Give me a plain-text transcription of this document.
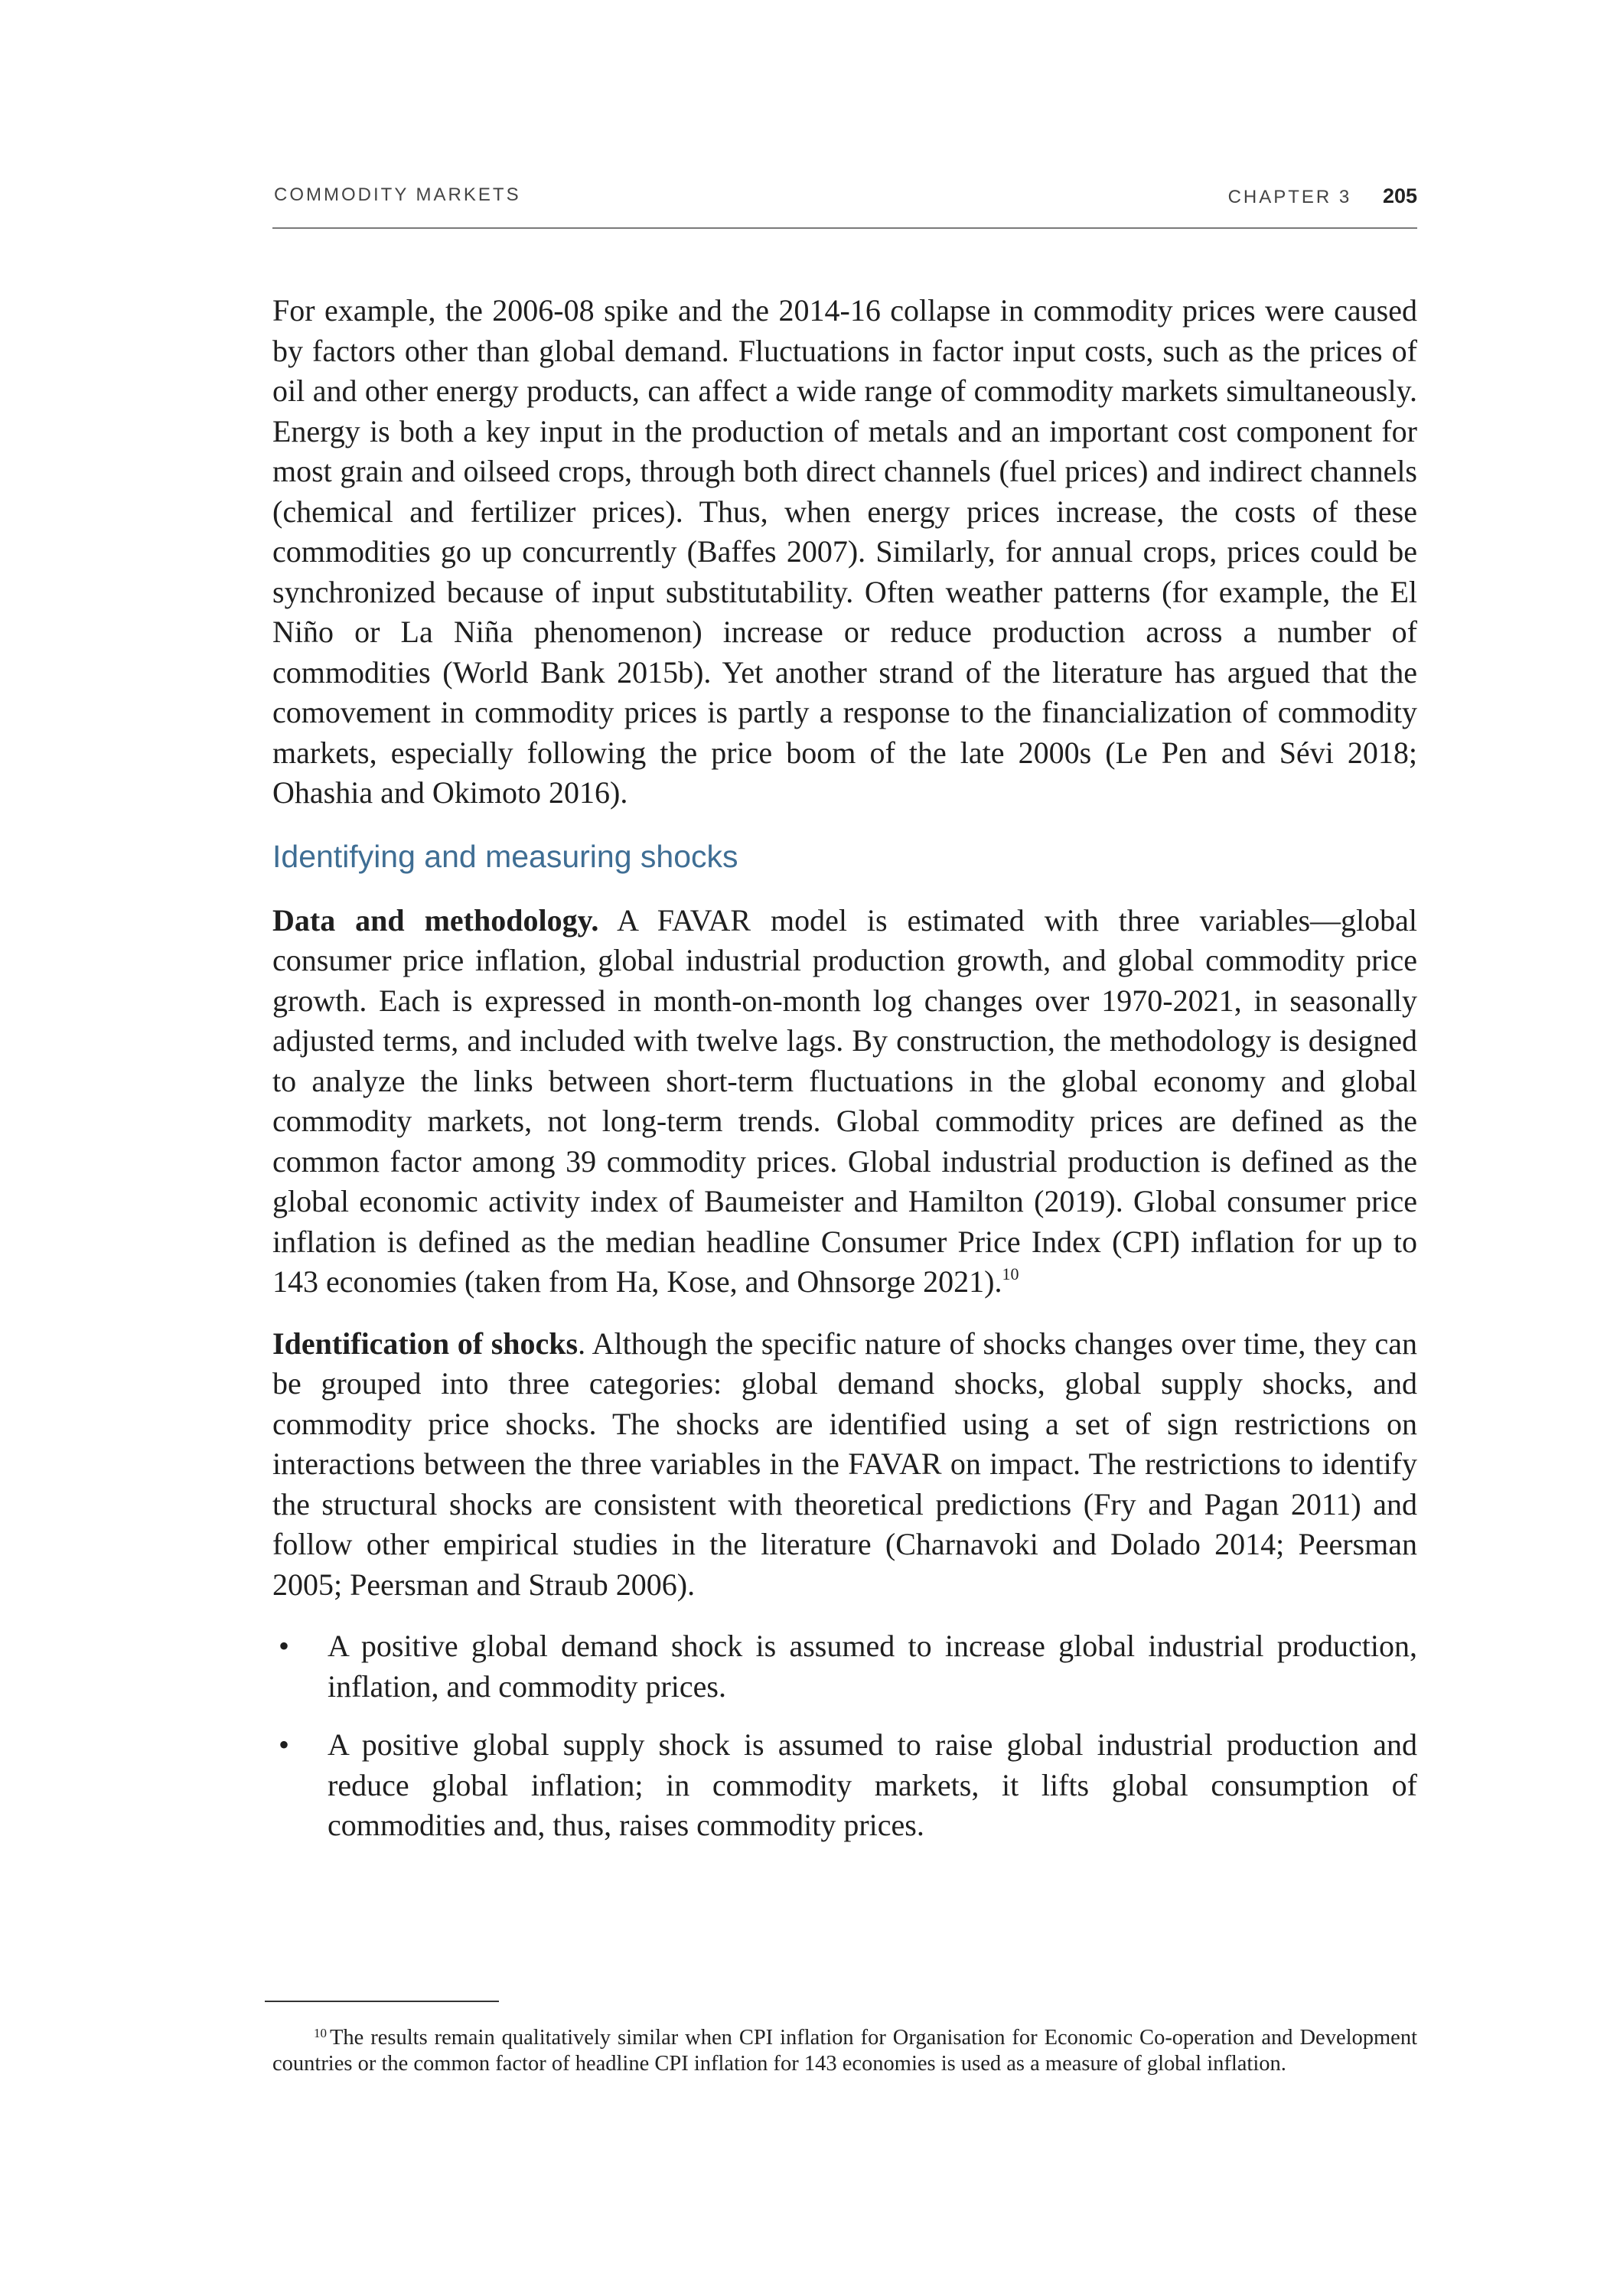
COMMODITY MARKETS	CHAPTER 3 205

For example, the 2006-08 spike and the 2014-16 collapse in commodity prices were caused by factors other than global demand. Fluctuations in factor input costs, such as the prices of oil and other energy products, can affect a wide range of commodity markets simultaneously. Energy is both a key input in the production of metals and an important cost component for most grain and oilseed crops, through both direct channels (fuel prices) and indirect channels (chemical and fertilizer prices). Thus, when energy prices increase, the costs of these commodities go up concurrently (Baffes 2007). Similarly, for annual crops, prices could be synchronized because of input substitutability. Often weather patterns (for example, the El Niño or La Niña phenomenon) increase or reduce production across a number of commodities (World Bank 2015b). Yet another strand of the literature has argued that the comovement in commodity prices is partly a response to the financialization of commodity markets, especially following the price boom of the late 2000s (Le Pen and Sévi 2018; Ohashia and Okimoto 2016).

Identifying and measuring shocks

Data and methodology. A FAVAR model is estimated with three variables—global consumer price inflation, global industrial production growth, and global commodity price growth. Each is expressed in month-on-month log changes over 1970-2021, in seasonally adjusted terms, and included with twelve lags. By construction, the methodology is designed to analyze the links between short-term fluctuations in the global economy and global commodity markets, not long-term trends. Global commodity prices are defined as the common factor among 39 commodity prices. Global industrial production is defined as the global economic activity index of Baumeister and Hamilton (2019). Global consumer price inflation is defined as the median headline Consumer Price Index (CPI) inflation for up to 143 economies (taken from Ha, Kose, and Ohnsorge 2021).$^{10}$

Identification of shocks. Although the specific nature of shocks changes over time, they can be grouped into three categories: global demand shocks, global supply shocks, and commodity price shocks. The shocks are identified using a set of sign restrictions on interactions between the three variables in the FAVAR on impact. The restrictions to identify the structural shocks are consistent with theoretical predictions (Fry and Pagan 2011) and follow other empirical studies in the literature (Charnavoki and Dolado 2014; Peersman 2005; Peersman and Straub 2006).

• A positive global demand shock is assumed to increase global industrial production, inflation, and commodity prices.
• A positive global supply shock is assumed to raise global industrial production and reduce global inflation; in commodity markets, it lifts global consumption of commodities and, thus, raises commodity prices.
$^{10}$ The results remain qualitatively similar when CPI inflation for Organisation for Economic Co-operation and Development countries or the common factor of headline CPI inflation for 143 economies is used as a measure of global inflation.
